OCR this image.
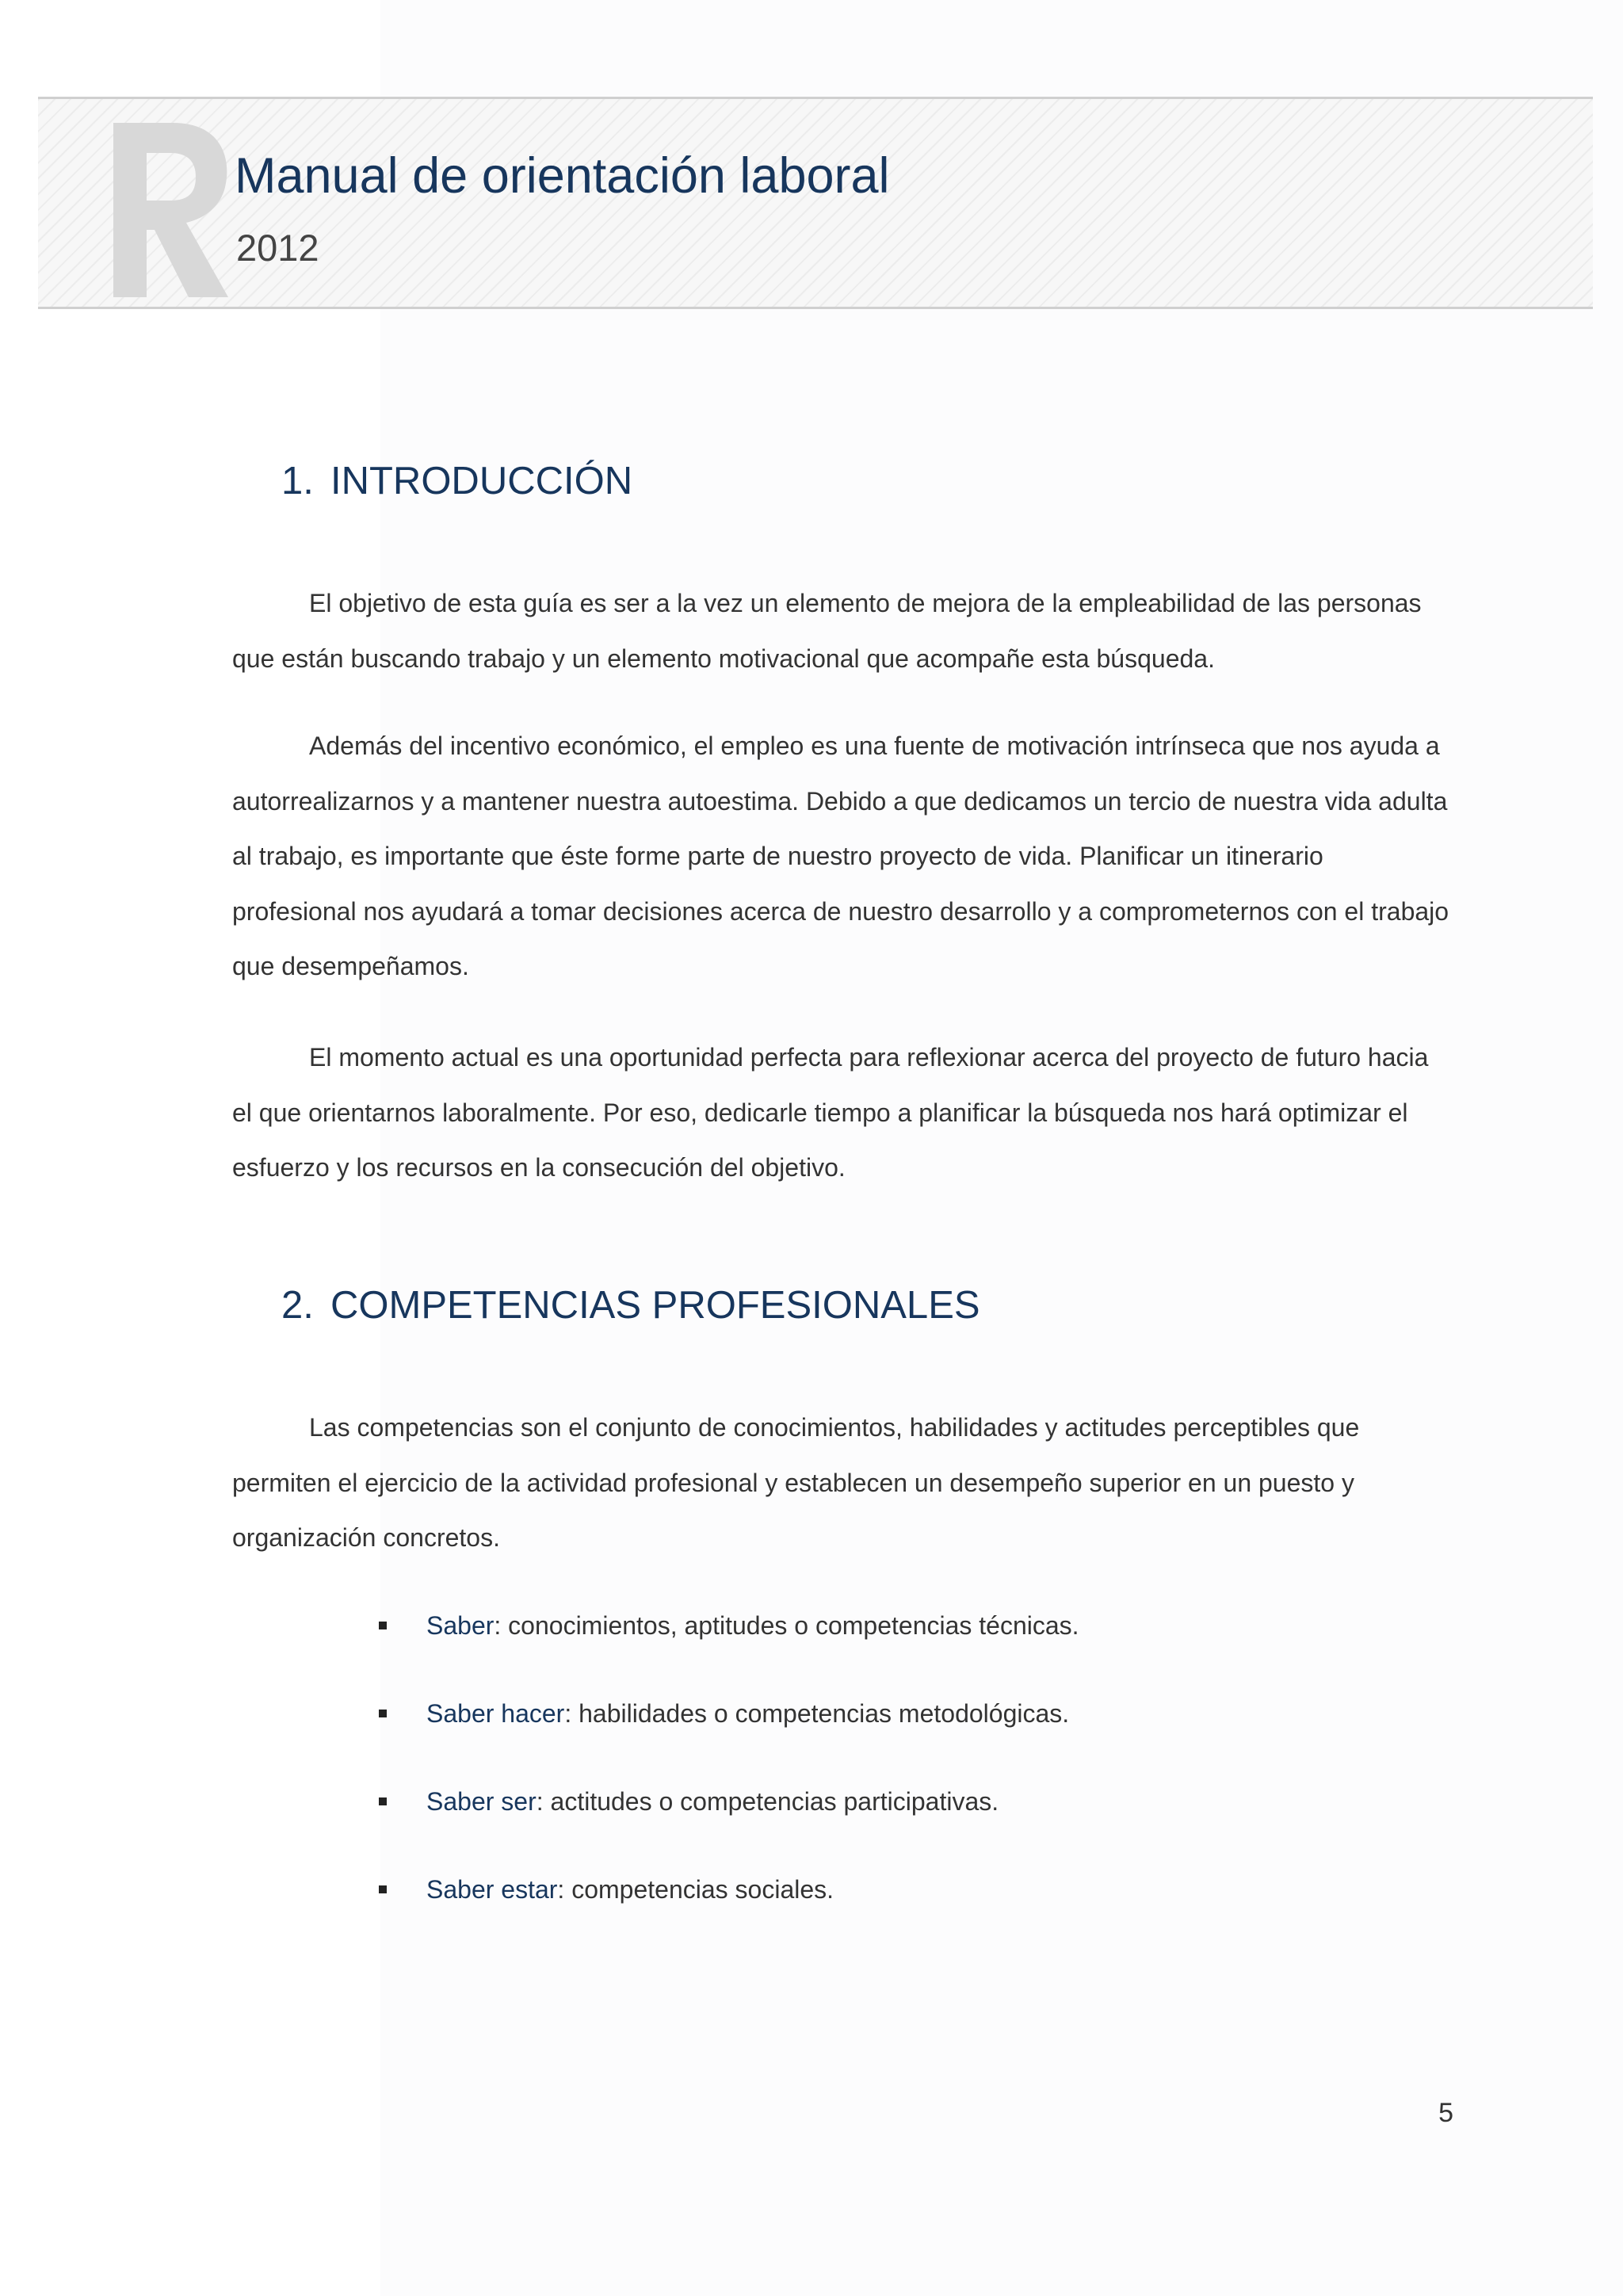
Manual de orientación laboral
2012
1. INTRODUCCIÓN

El objetivo de esta guía es ser a la vez un elemento de mejora de la empleabilidad de las personas que están buscando trabajo y un elemento motivacional que acompañe esta búsqueda.

Además del incentivo económico, el empleo es una fuente de motivación intrínseca que nos ayuda a autorrealizarnos y a mantener nuestra autoestima. Debido a que dedicamos un tercio de nuestra vida adulta al trabajo, es importante que éste forme parte de nuestro proyecto de vida. Planificar un itinerario profesional nos ayudará a tomar decisiones acerca de nuestro desarrollo y a comprometernos con el trabajo que desempeñamos.

El momento actual es una oportunidad perfecta para reflexionar acerca del proyecto de futuro hacia el que orientarnos laboralmente. Por eso, dedicarle tiempo a planificar la búsqueda nos hará optimizar el esfuerzo y los recursos en la consecución del objetivo.

2. COMPETENCIAS PROFESIONALES

Las competencias son el conjunto de conocimientos, habilidades y actitudes perceptibles que permiten el ejercicio de la actividad profesional y establecen un desempeño superior en un puesto y organización concretos.

Saber: conocimientos, aptitudes o competencias técnicas.
Saber hacer: habilidades o competencias metodológicas.
Saber ser: actitudes o competencias participativas.
Saber estar: competencias sociales.
5
